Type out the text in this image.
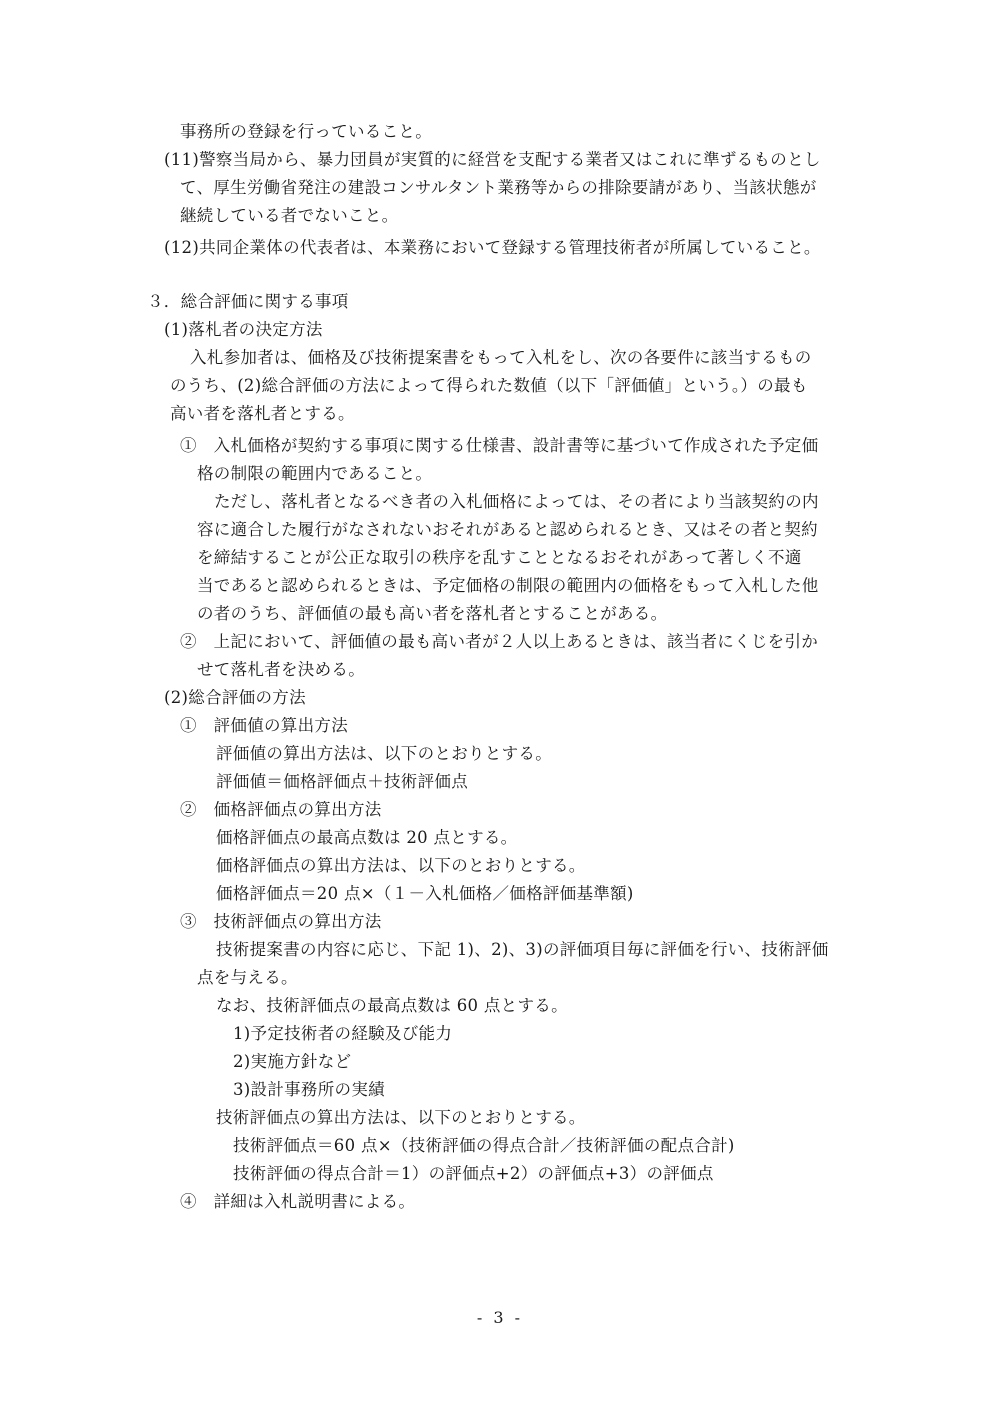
事務所の登録を行っていること。
(11)警察当局から、暴力団員が実質的に経営を支配する業者又はこれに準ずるものとし
て、厚生労働省発注の建設コンサルタント業務等からの排除要請があり、当該状態が
継続している者でないこと。
(12)共同企業体の代表者は、本業務において登録する管理技術者が所属していること。
３．総合評価に関する事項
(1)落札者の決定方法
入札参加者は、価格及び技術提案書をもって入札をし、次の各要件に該当するもの
のうち、(2)総合評価の方法によって得られた数値（以下「評価値」という。）の最も
高い者を落札者とする。
①　入札価格が契約する事項に関する仕様書、設計書等に基づいて作成された予定価
格の制限の範囲内であること。
ただし、落札者となるべき者の入札価格によっては、その者により当該契約の内
容に適合した履行がなされないおそれがあると認められるとき、又はその者と契約
を締結することが公正な取引の秩序を乱すこととなるおそれがあって著しく不適
当であると認められるときは、予定価格の制限の範囲内の価格をもって入札した他
の者のうち、評価値の最も高い者を落札者とすることがある。
②　上記において、評価値の最も高い者が２人以上あるときは、該当者にくじを引か
せて落札者を決める。
(2)総合評価の方法
①　評価値の算出方法
評価値の算出方法は、以下のとおりとする。
評価値＝価格評価点＋技術評価点
②　価格評価点の算出方法
価格評価点の最高点数は 20 点とする。
価格評価点の算出方法は、以下のとおりとする。
価格評価点＝20 点×（１－入札価格／価格評価基準額)
③　技術評価点の算出方法
技術提案書の内容に応じ、下記 1)、2)、3)の評価項目毎に評価を行い、技術評価
点を与える。
なお、技術評価点の最高点数は 60 点とする。
1)予定技術者の経験及び能力
2)実施方針など
3)設計事務所の実績
技術評価点の算出方法は、以下のとおりとする。
技術評価点＝60 点×（技術評価の得点合計／技術評価の配点合計)
技術評価の得点合計＝1）の評価点+2）の評価点+3）の評価点
④　詳細は入札説明書による。
- 3 -
